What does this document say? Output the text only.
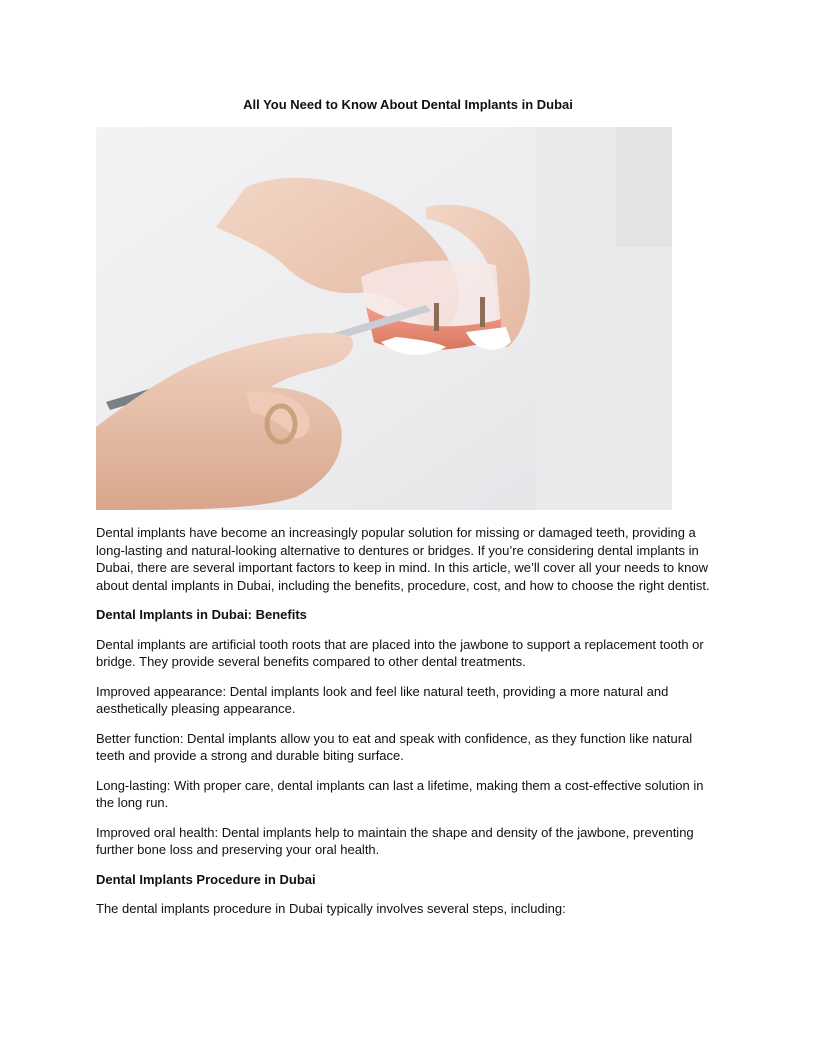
All You Need to Know About Dental Implants in Dubai

Dental implants have become an increasingly popular solution for missing or damaged teeth, providing a long-lasting and natural-looking alternative to dentures or bridges. If you’re considering dental implants in Dubai, there are several important factors to keep in mind. In this article, we’ll cover all your needs to know about dental implants in Dubai, including the benefits, procedure, cost, and how to choose the right dentist.

Dental Implants in Dubai: Benefits

Dental implants are artificial tooth roots that are placed into the jawbone to support a replacement tooth or bridge. They provide several benefits compared to other dental treatments.

Improved appearance: Dental implants look and feel like natural teeth, providing a more natural and aesthetically pleasing appearance.

Better function: Dental implants allow you to eat and speak with confidence, as they function like natural teeth and provide a strong and durable biting surface.

Long-lasting: With proper care, dental implants can last a lifetime, making them a cost-effective solution in the long run.

Improved oral health: Dental implants help to maintain the shape and density of the jawbone, preventing further bone loss and preserving your oral health.

Dental Implants Procedure in Dubai

The dental implants procedure in Dubai typically involves several steps, including:
